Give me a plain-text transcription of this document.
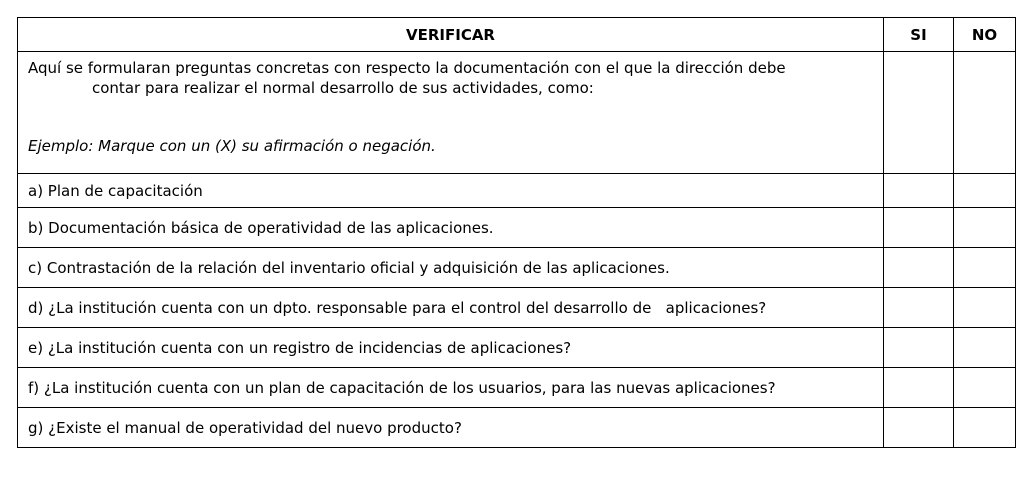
VERIFICAR	SI	NO

Aquí se formularan preguntas concretas con respecto la documentación con el que la dirección debe
contar para realizar el normal desarrollo de sus actividades, como:
Ejemplo: Marque con un (X) su afirmación o negación.		

a) Plan de capacitación		
b) Documentación básica de operatividad de las aplicaciones.		
c) Contrastación de la relación del inventario oficial y adquisición de las aplicaciones.		
d) ¿La institución cuenta con un dpto. responsable para el control del desarrollo de   aplicaciones?		
e) ¿La institución cuenta con un registro de incidencias de aplicaciones?		
f) ¿La institución cuenta con un plan de capacitación de los usuarios, para las nuevas aplicaciones?		
g) ¿Existe el manual de operatividad del nuevo producto?		
